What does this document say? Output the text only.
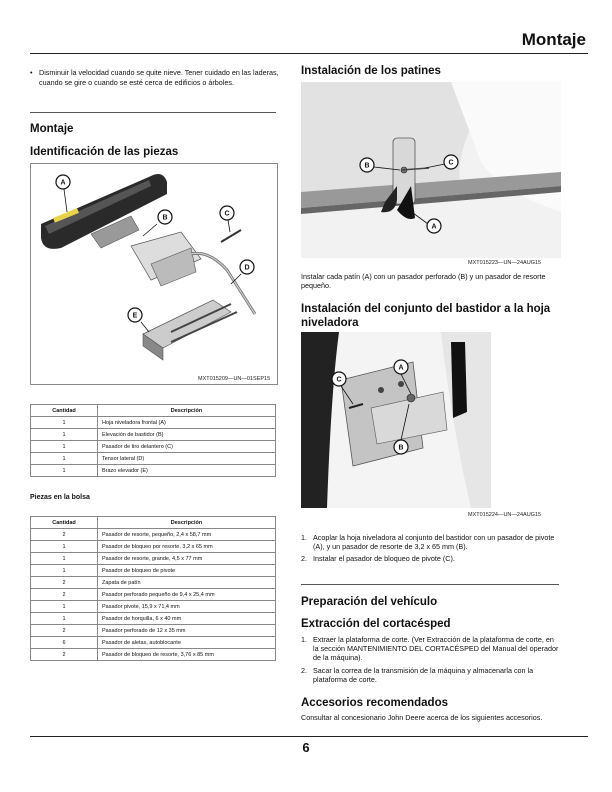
Montaje
• Disminuir la velocidad cuando se quite nieve. Tener cuidado en las laderas, cuando se gire o cuando se esté cerca de edificios o árboles.
Montaje
Identificación de las piezas
A
B
C
D
E
MXT015209—UN—01SEP15
Cantidad	Descripción
1	Hoja niveladora frontal (A)
1	Elevación de bastidor (B)
1	Pasador de tiro delantero (C)
1	Tensor lateral (D)
1	Brazo elevador (E)
Piezas en la bolsa
Cantidad	Descripción
2	Pasador de resorte, pequeño, 2,4 x 58,7 mm
1	Pasador de bloqueo por resorte, 3,2 x 65 mm
1	Pasador de resorte, grande, 4,5 x 77 mm
1	Pasador de bloqueo de pivote
2	Zapata de patín
2	Pasador perforado pequeño de 9,4 x 25,4 mm
1	Pasador pivote, 15,9 x 71,4 mm
1	Pasador de horquilla, 6 x 40 mm
2	Pasador perforado de 12 x 35 mm
6	Pasador de aletas, autoblocante
2	Pasador de bloqueo de resorte, 3,76 x 85 mm
Instalación de los patines
B	C
A
MXT015223—UN—24AUG15
Instalar cada patín (A) con un pasador perforado (B) y un pasador de resorte pequeño.
Instalación del conjunto del bastidor a la hoja niveladora
C
A
B
MXT015224—UN—24AUG15
1. Acoplar la hoja niveladora al conjunto del bastidor con un pasador de pivote (A), y un pasador de resorte de 3,2 x 65 mm (B).
2. Instalar el pasador de bloqueo de pivote (C).
Preparación del vehículo
Extracción del cortacésped
1. Extraer la plataforma de corte. (Ver Extracción de la plataforma de corte, en la sección MANTENIMIENTO DEL CORTACÉSPED del Manual del operador de la máquina).
2. Sacar la correa de la transmisión de la máquina y almacenarla con la plataforma de corte.
Accesorios recomendados
Consultar al concesionario John Deere acerca de los siguientes accesorios.
6
